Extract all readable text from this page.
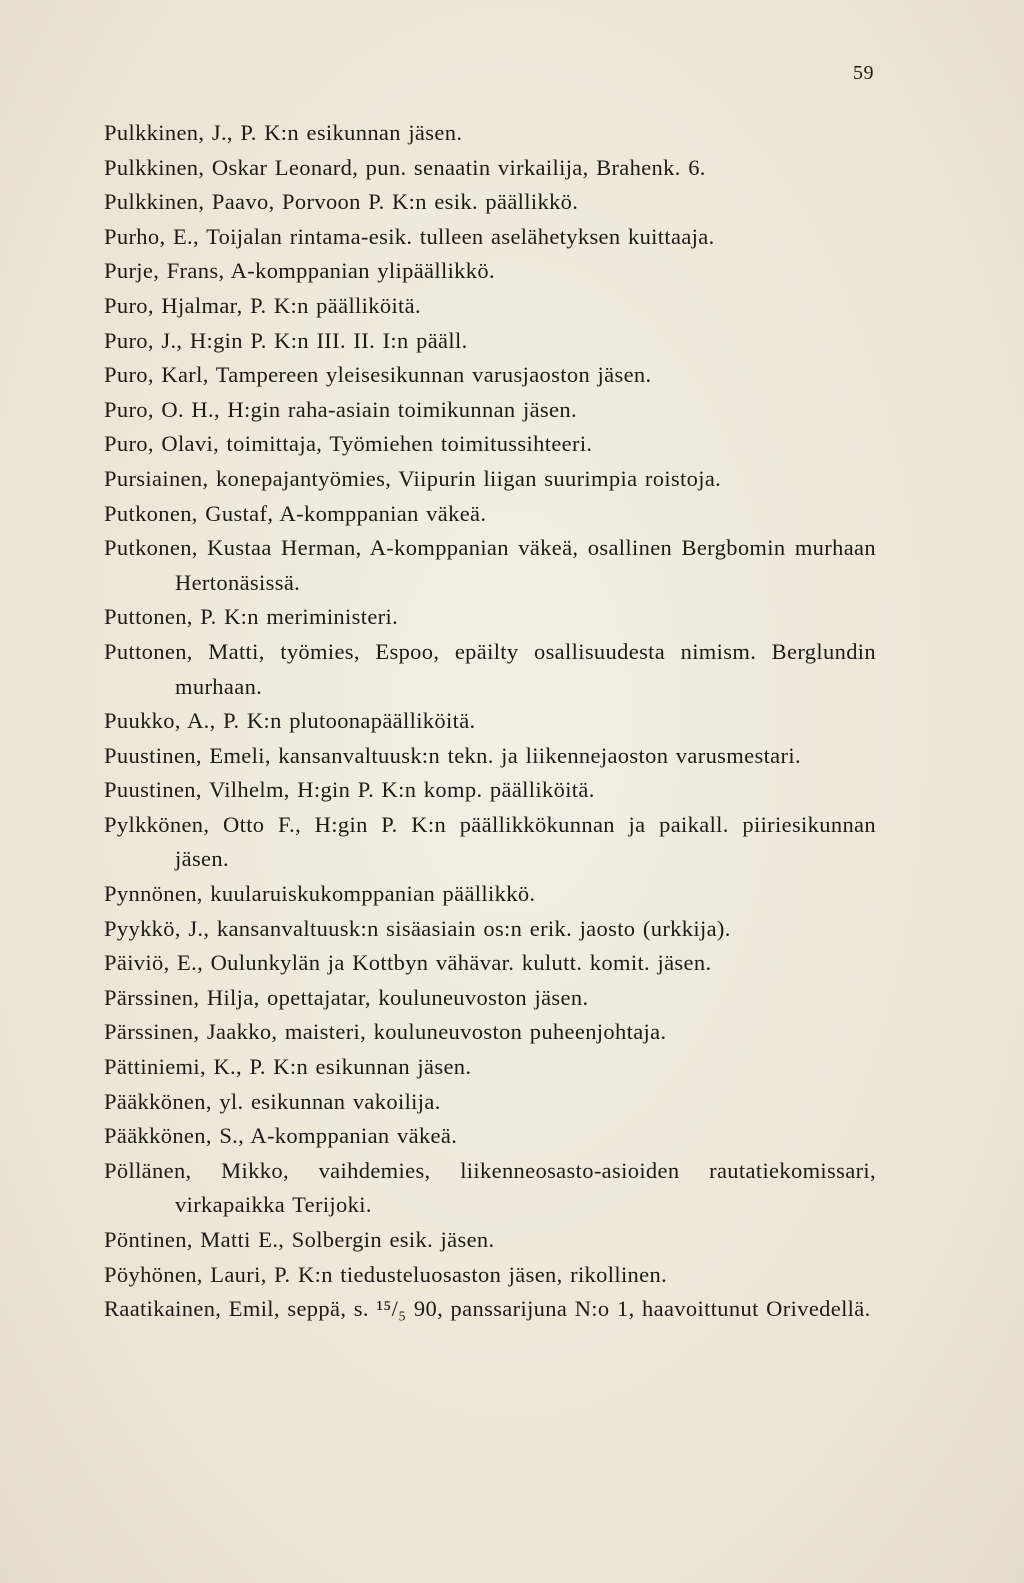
59
Pulkkinen, J., P. K:n esikunnan jäsen.
Pulkkinen, Oskar Leonard, pun. senaatin virkailija, Brahenk. 6.
Pulkkinen, Paavo, Porvoon P. K:n esik. päällikkö.
Purho, E., Toijalan rintama-esik. tulleen aselähetyksen kuittaaja.
Purje, Frans, A-komppanian ylipäällikkö.
Puro, Hjalmar, P. K:n päälliköitä.
Puro, J., H:gin P. K:n III. II. I:n pääll.
Puro, Karl, Tampereen yleisesikunnan varusjaoston jäsen.
Puro, O. H., H:gin raha-asiain toimikunnan jäsen.
Puro, Olavi, toimittaja, Työmiehen toimitussihteeri.
Pursiainen, konepajantyömies, Viipurin liigan suurimpia roistoja.
Putkonen, Gustaf, A-komppanian väkeä.
Putkonen, Kustaa Herman, A-komppanian väkeä, osallinen Bergbomin murhaan Hertonäsissä.
Puttonen, P. K:n meriministeri.
Puttonen, Matti, työmies, Espoo, epäilty osallisuudesta nimism. Berglundin murhaan.
Puukko, A., P. K:n plutoonapäälliköitä.
Puustinen, Emeli, kansanvaltuusk:n tekn. ja liikennejaoston varusmestari.
Puustinen, Vilhelm, H:gin P. K:n komp. päälliköitä.
Pylkkönen, Otto F., H:gin P. K:n päällikkökunnan ja paikall. piiriesikunnan jäsen.
Pynnönen, kuularuiskukomppanian päällikkö.
Pyykkö, J., kansanvaltuusk:n sisäasiain os:n erik. jaosto (urkkija).
Päiviö, E., Oulunkylän ja Kottbyn vähävar. kulutt. komit. jäsen.
Pärssinen, Hilja, opettajatar, kouluneuvoston jäsen.
Pärssinen, Jaakko, maisteri, kouluneuvoston puheenjohtaja.
Pättiniemi, K., P. K:n esikunnan jäsen.
Pääkkönen, yl. esikunnan vakoilija.
Pääkkönen, S., A-komppanian väkeä.
Pöllänen, Mikko, vaihdemies, liikenneosasto-asioiden rautatiekomissari, virkapaikka Terijoki.
Pöntinen, Matti E., Solbergin esik. jäsen.
Pöyhönen, Lauri, P. K:n tiedusteluosaston jäsen, rikollinen.
Raatikainen, Emil, seppä, s. ¹⁵/₅ 90, panssarijuna N:o 1, haavoittunut Orivedellä.
